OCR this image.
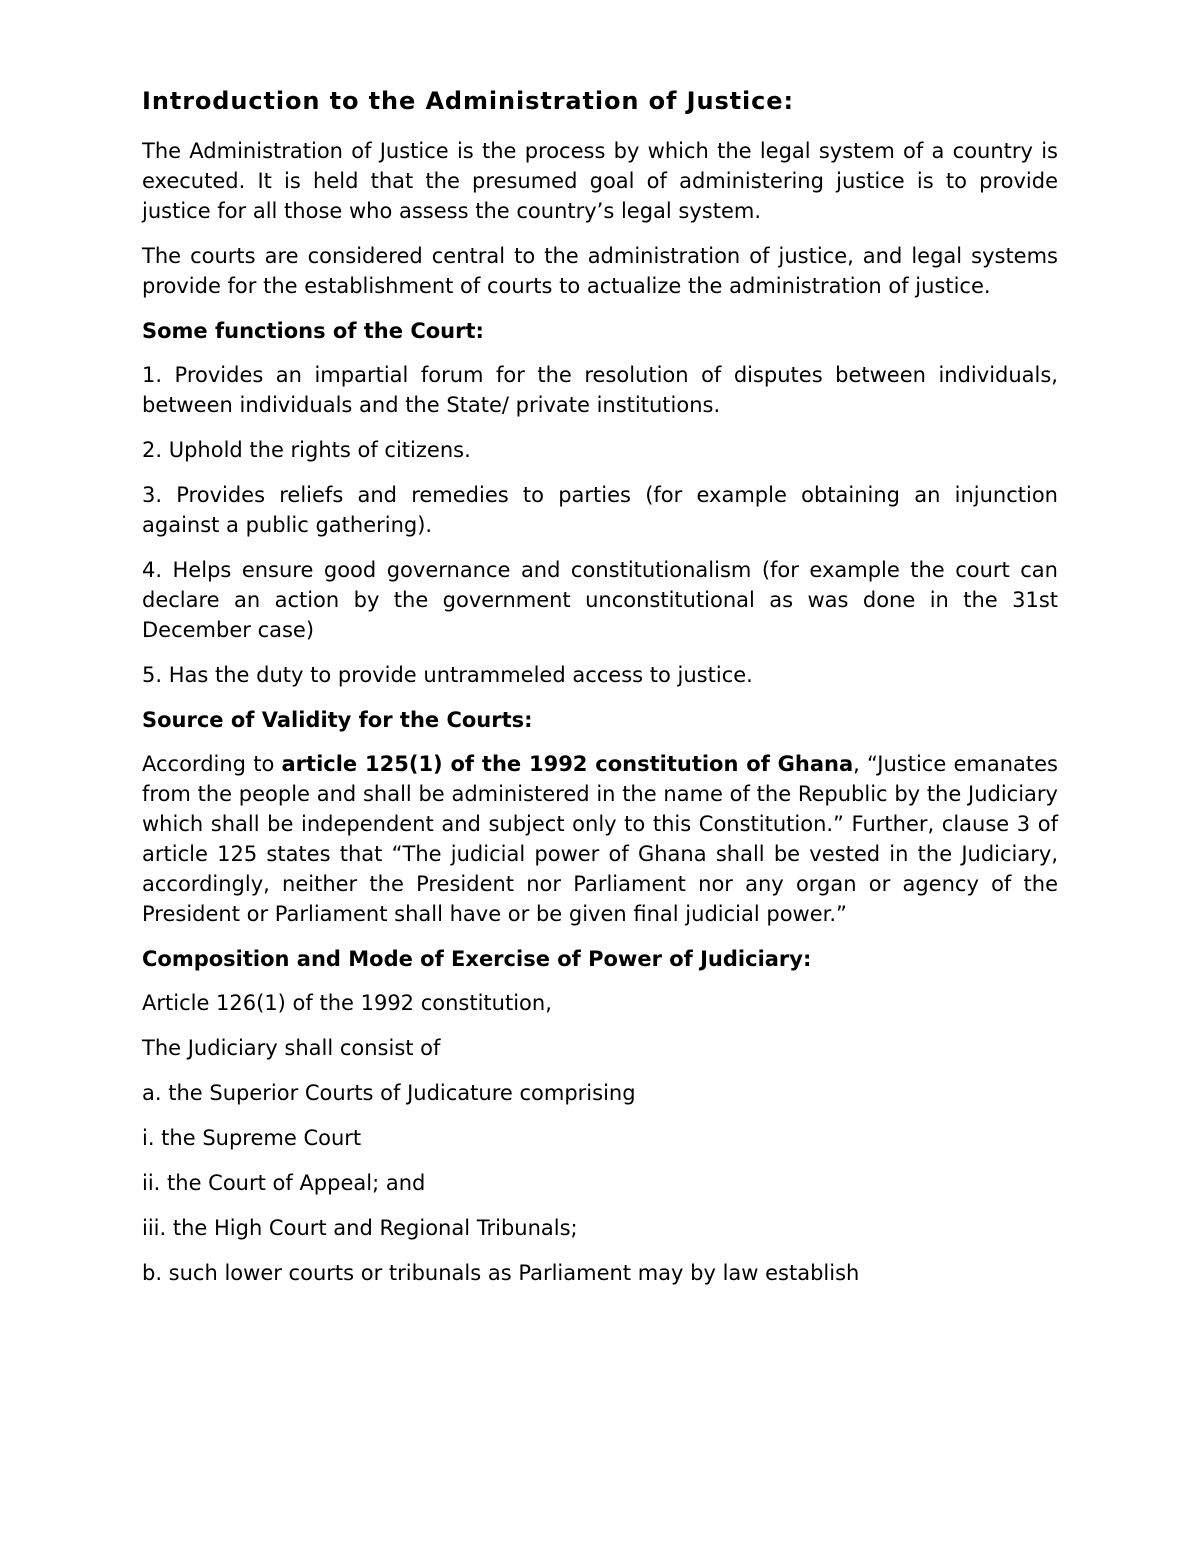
Introduction to the Administration of Justice:

The Administration of Justice is the process by which the legal system of a country is executed. It is held that the presumed goal of administering justice is to provide justice for all those who assess the country’s legal system.

The courts are considered central to the administration of justice, and legal systems provide for the establishment of courts to actualize the administration of justice.

Some functions of the Court:

1. Provides an impartial forum for the resolution of disputes between individuals, between individuals and the State/ private institutions.

2. Uphold the rights of citizens.

3. Provides reliefs and remedies to parties (for example obtaining an injunction against a public gathering).

4. Helps ensure good governance and constitutionalism (for example the court can declare an action by the government unconstitutional as was done in the 31st December case)

5. Has the duty to provide untrammeled access to justice.

Source of Validity for the Courts:

According to article 125(1) of the 1992 constitution of Ghana, “Justice emanates from the people and shall be administered in the name of the Republic by the Judiciary which shall be independent and subject only to this Constitution.” Further, clause 3 of article 125 states that “The judicial power of Ghana shall be vested in the Judiciary, accordingly, neither the President nor Parliament nor any organ or agency of the President or Parliament shall have or be given final judicial power.”

Composition and Mode of Exercise of Power of Judiciary:

Article 126(1) of the 1992 constitution,

The Judiciary shall consist of

a. the Superior Courts of Judicature comprising

i. the Supreme Court

ii. the Court of Appeal; and

iii. the High Court and Regional Tribunals;

b. such lower courts or tribunals as Parliament may by law establish
